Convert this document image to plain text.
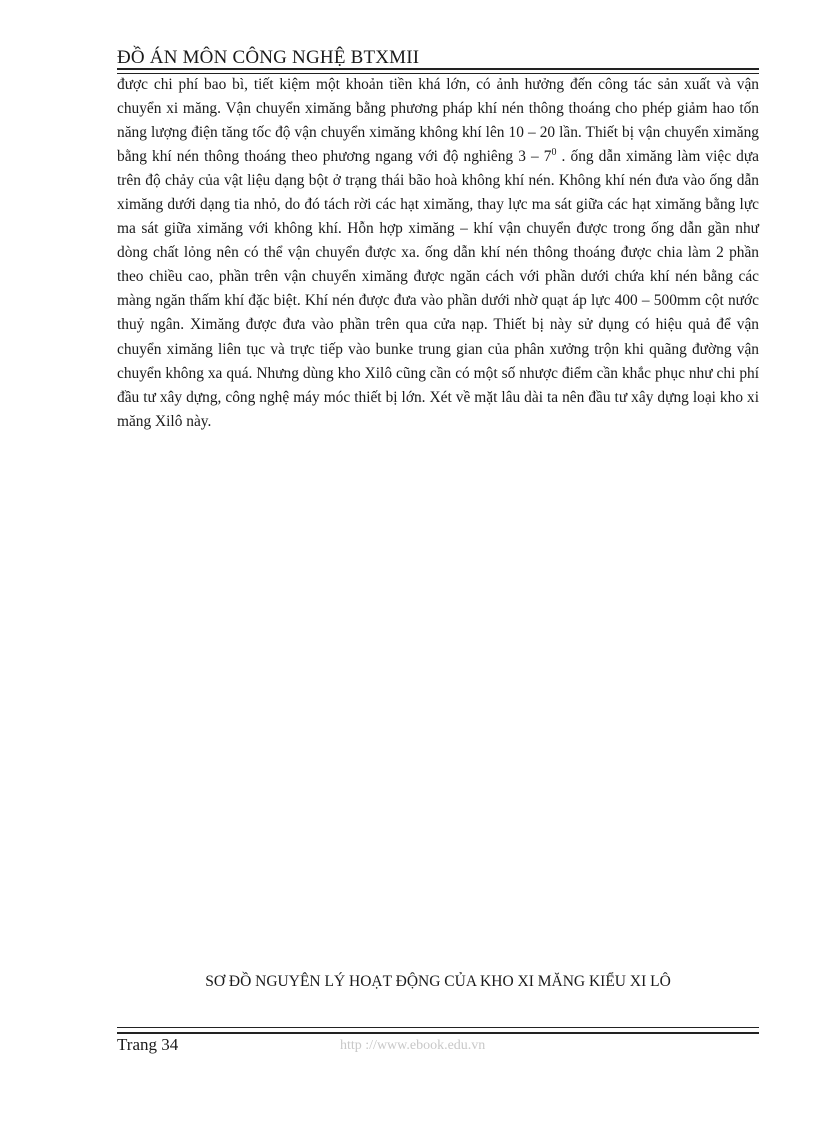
ĐỒ ÁN MÔN CÔNG NGHỆ BTXMII

được chi phí bao bì, tiết kiệm một khoản tiền khá lớn, có ảnh hưởng đến công tác sản xuất và vận chuyển xi măng. Vận chuyển ximăng bằng phương pháp khí nén thông thoáng cho phép giảm hao tốn năng lượng điện tăng tốc độ vận chuyển ximăng không khí lên 10 – 20 lần. Thiết bị vận chuyển ximăng bằng khí nén thông thoáng theo phương ngang với độ nghiêng $3 - 7^0$ . ống dẫn ximăng làm việc dựa trên độ chảy của vật liệu dạng bột ở trạng thái bão hoà không khí nén. Không khí nén đưa vào ống dẫn ximăng dưới dạng tia nhỏ, do đó tách rời các hạt ximăng, thay lực ma sát giữa các hạt ximăng bằng lực ma sát giữa ximăng với không khí. Hỗn hợp ximăng – khí vận chuyển được trong ống dẫn gần như dòng chất lỏng nên có thể vận chuyển được xa. ống dẫn khí nén thông thoáng được chia làm 2 phần theo chiều cao, phần trên vận chuyển ximăng được ngăn cách với phần dưới chứa khí nén bằng các màng ngăn thấm khí đặc biệt. Khí nén được đưa vào phần dưới nhờ quạt áp lực 400 – 500mm cột nước thuỷ ngân. Ximăng được đưa vào phần trên qua cửa nạp. Thiết bị này sử dụng có hiệu quả để vận chuyển ximăng liên tục và trực tiếp vào bunke trung gian của phân xưởng trộn khi quãng đường vận chuyển không xa quá. Nhưng dùng kho Xilô cũng cần có một số nhược điểm cần khắc phục như chi phí đầu tư xây dựng, công nghệ máy móc thiết bị lớn. Xét về mặt lâu dài ta nên đầu tư xây dựng loại kho xi măng Xilô này.

SƠ ĐỒ NGUYÊN LÝ HOẠT ĐỘNG CỦA KHO XI MĂNG KIỂU XI LÔ
Trang 34	http ://www.ebook.edu.vn
